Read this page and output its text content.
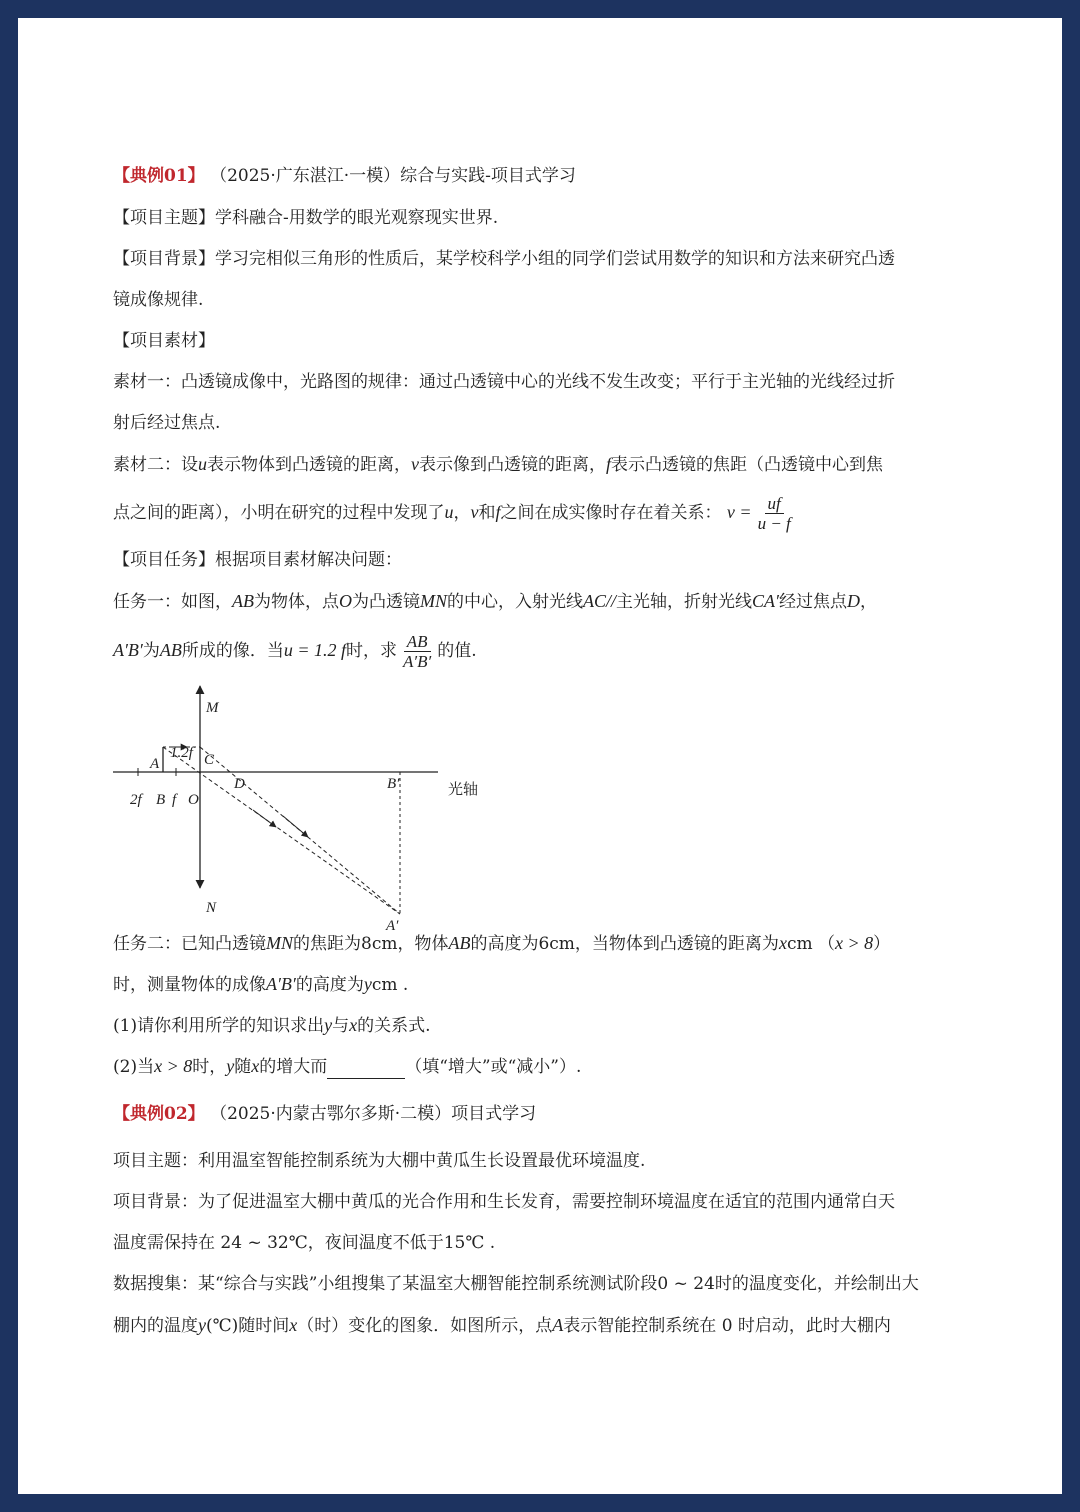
【典例01】 （2025·广东湛江·一模）综合与实践-项目式学习
【项目主题】学科融合-用数学的眼光观察现实世界.
【项目背景】学习完相似三角形的性质后，某学校科学小组的同学们尝试用数学的知识和方法来研究凸透
镜成像规律.
【项目素材】
素材一：凸透镜成像中，光路图的规律：通过凸透镜中心的光线不发生改变；平行于主光轴的光线经过折
射后经过焦点.
素材二：设u表示物体到凸透镜的距离，v表示像到凸透镜的距离，f表示凸透镜的焦距（凸透镜中心到焦
点之间的距离），小明在研究的过程中发现了u，v和f之间在成实像时存在着关系： $v = \frac{uf}{u - f}$
【项目任务】根据项目素材解决问题：
任务一：如图，AB为物体，点O为凸透镜MN的中心，入射光线AC//主光轴，折射光线CA′经过焦点D，
A′B′为AB所成的像．当u = 1.2 f时，求 $\frac{AB}{A'B'}$ 的值.
M
N
A	C
D	B′
A′
光轴
1.2f
2f B f O
任务二：已知凸透镜MN的焦距为8cm，物体AB的高度为6cm，当物体到凸透镜的距离为xcm （x > 8）
时，测量物体的成像A′B′的高度为ycm .
(1)请你利用所学的知识求出y与x的关系式.
(2)当x > 8时，y随x的增大而	（填“增大”或“减小”）.
【典例02】 （2025·内蒙古鄂尔多斯·二模）项目式学习
项目主题：利用温室智能控制系统为大棚中黄瓜生长设置最优环境温度.
项目背景：为了促进温室大棚中黄瓜的光合作用和生长发育，需要控制环境温度在适宜的范围内通常白天
温度需保持在 24 ~ 32℃，夜间温度不低于15℃ .
数据搜集：某“综合与实践”小组搜集了某温室大棚智能控制系统测试阶段0 ~ 24时的温度变化，并绘制出大
棚内的温度y(℃)随时间x（时）变化的图象．如图所示，点A表示智能控制系统在 0 时启动，此时大棚内
